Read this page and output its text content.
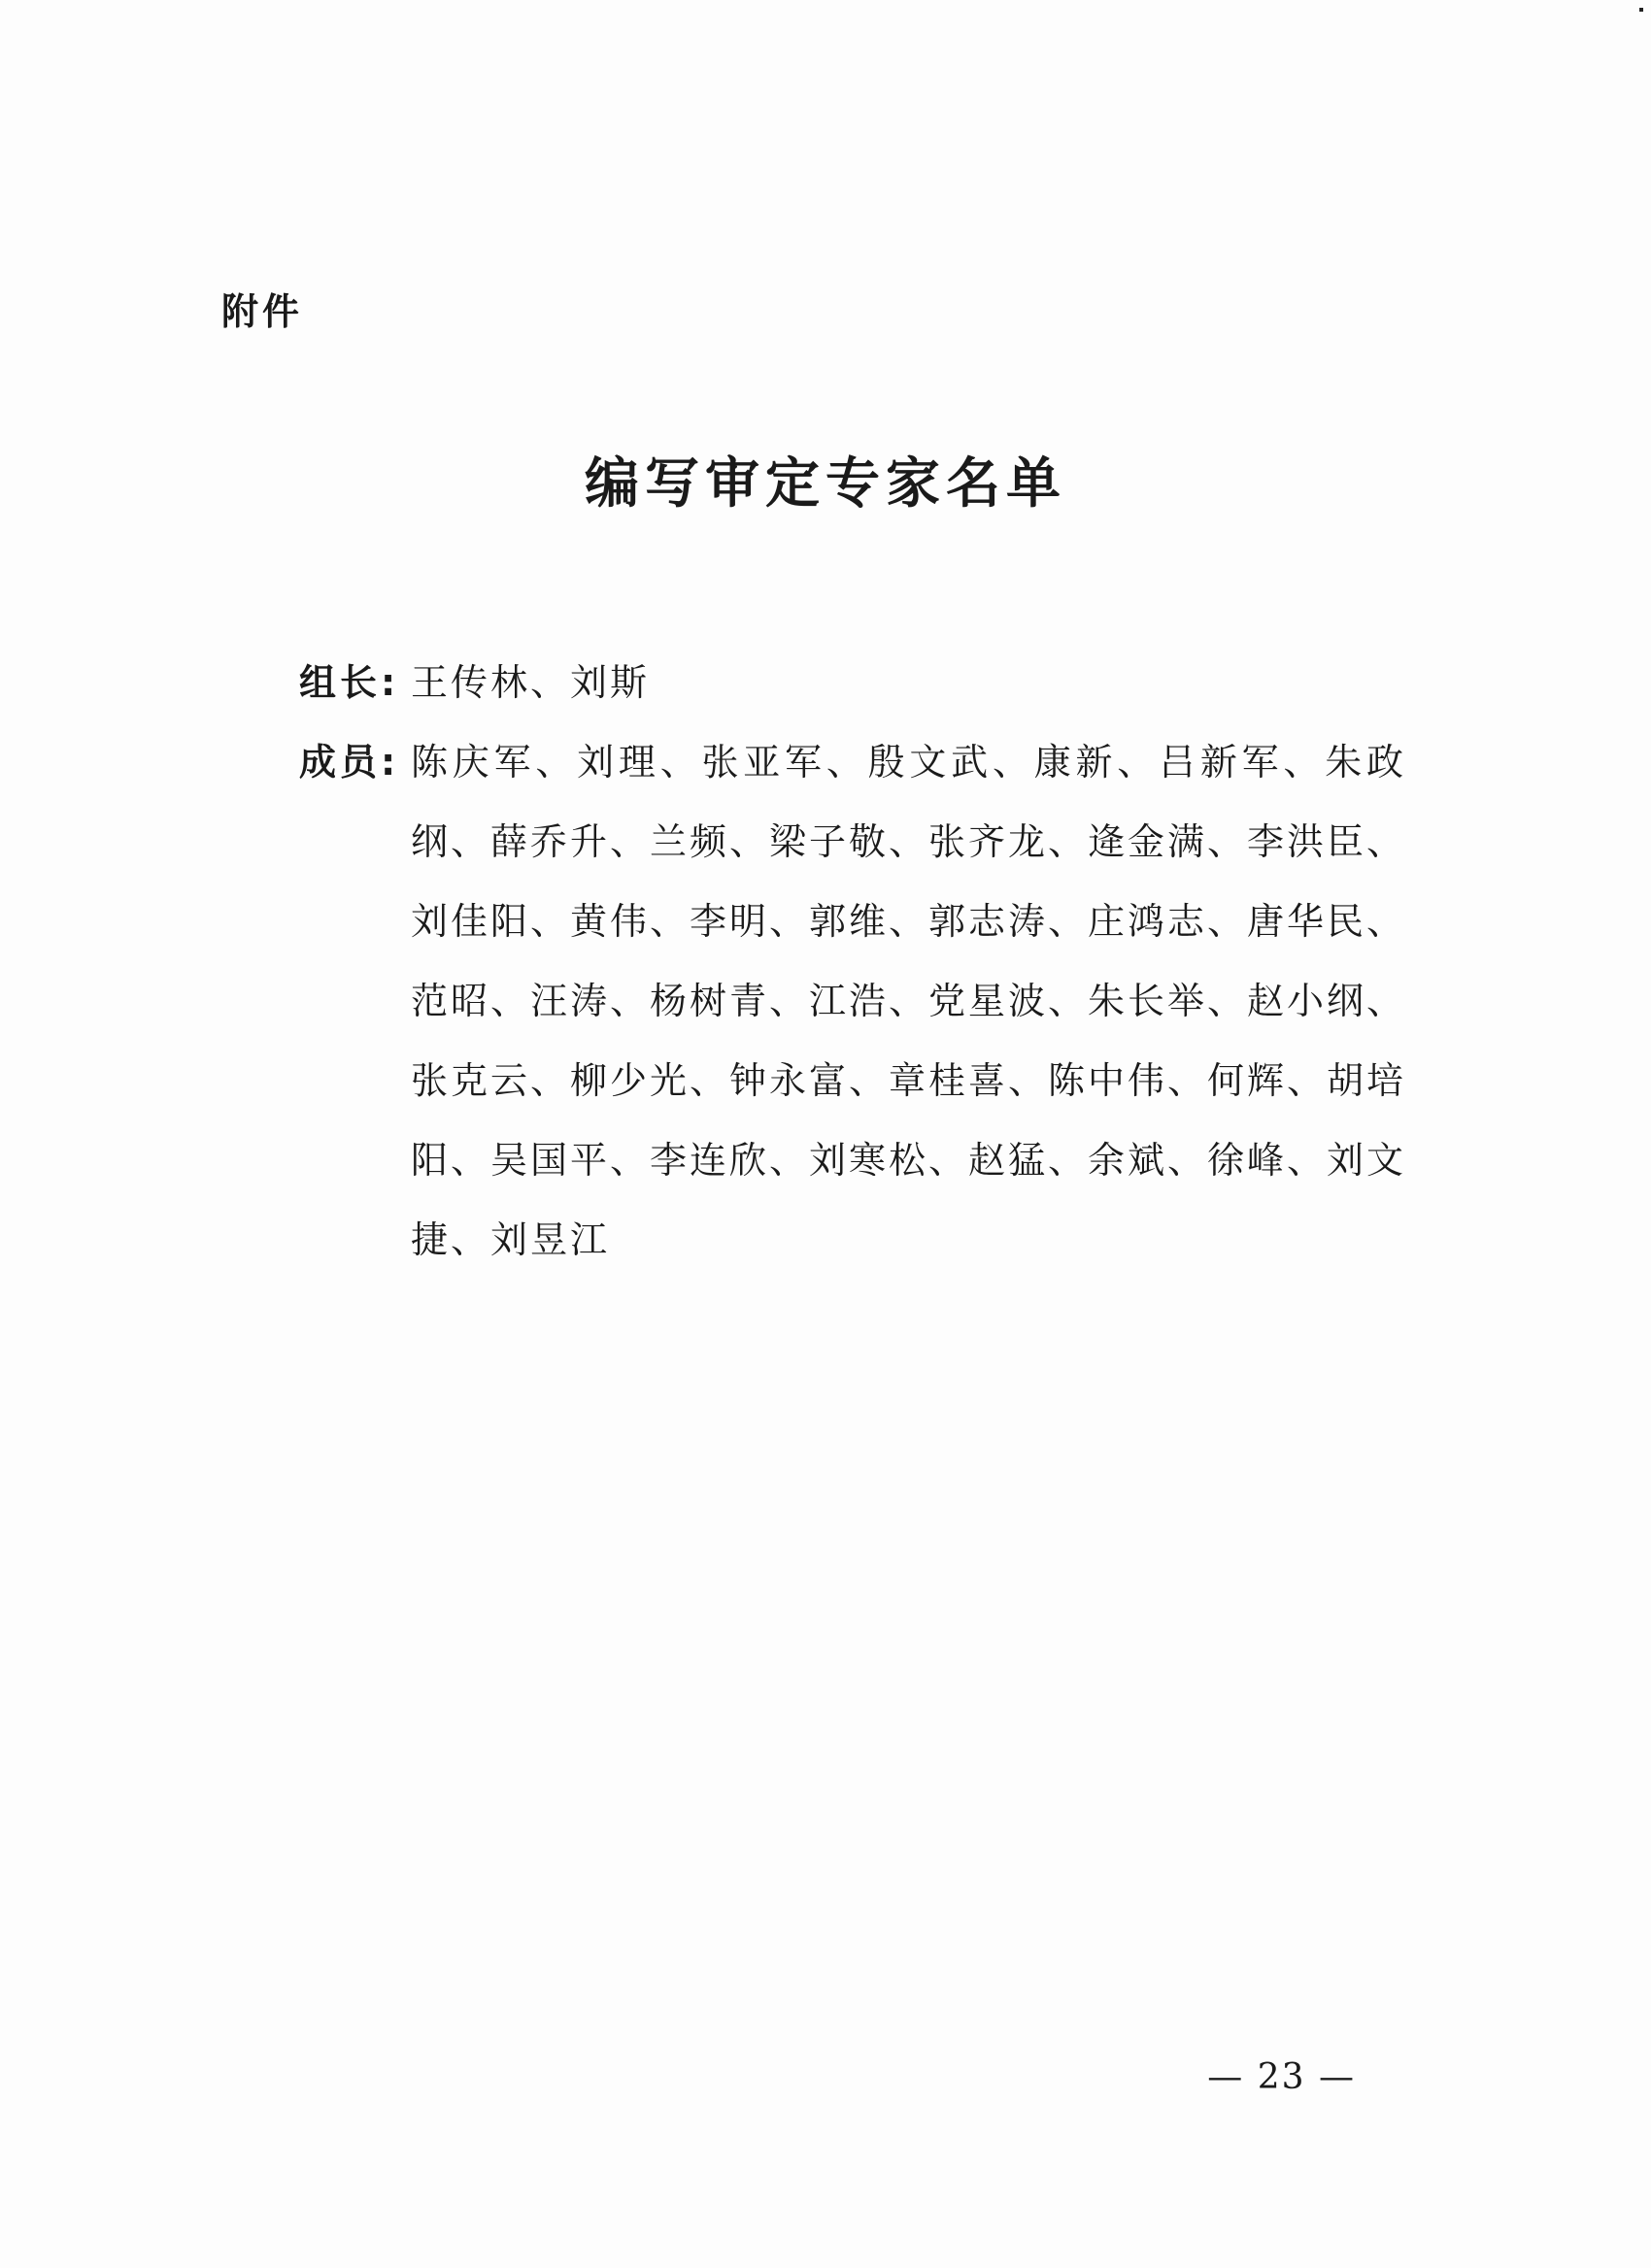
附件
编写审定专家名单
组长: 王传林、刘斯
成员: 陈庆军、刘理、张亚军、殷文武、康新、吕新军、朱政纲、薛乔升、兰频、梁子敬、张齐龙、逄金满、李洪臣、刘佳阳、黄伟、李明、郭维、郭志涛、庄鸿志、唐华民、范昭、汪涛、杨树青、江浩、党星波、朱长举、赵小纲、张克云、柳少光、钟永富、章桂喜、陈中伟、何辉、胡培阳、吴国平、李连欣、刘寒松、赵猛、余斌、徐峰、刘文捷、刘昱江
— 23 —
